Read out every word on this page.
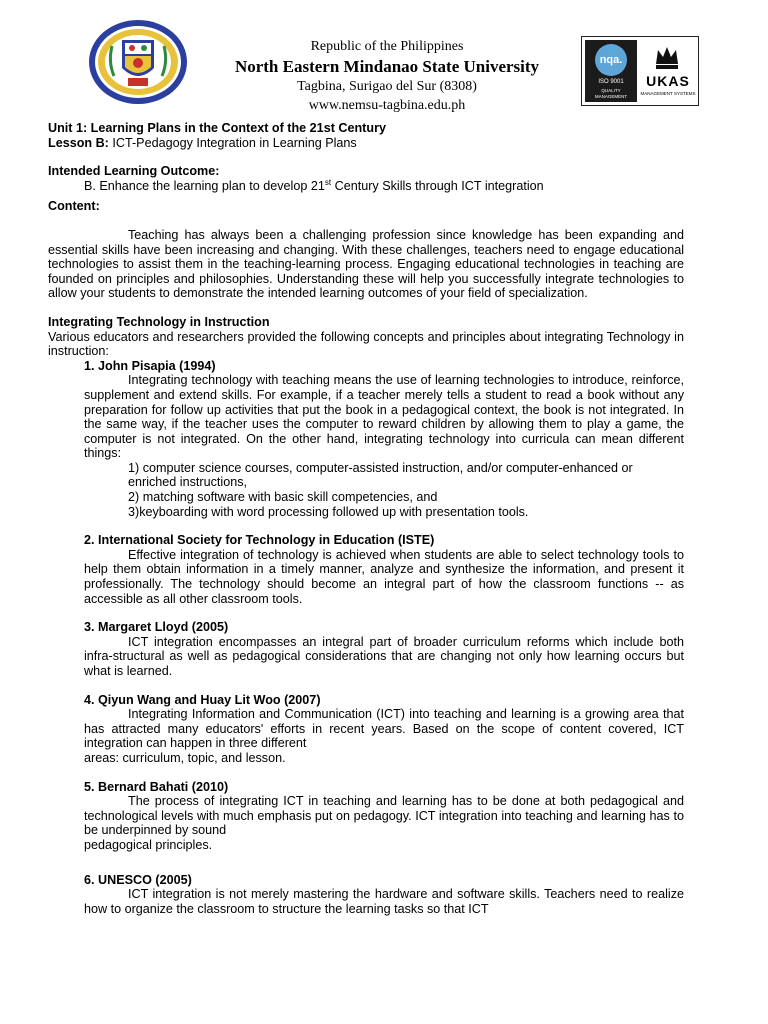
Republic of the Philippines
North Eastern Mindanao State University
Tagbina, Surigao del Sur (8308)
www.nemsu-tagbina.edu.ph
nqa.
ISO 9001
QUALITY MANAGEMENT
UKAS
MANAGEMENT SYSTEMS

Unit 1: Learning Plans in the Context of the 21st Century

Lesson B: ICT-Pedagogy Integration in Learning Plans

Intended Learning Outcome:

B. Enhance the learning plan to develop 21st Century Skills through ICT integration

Content:

Teaching has always been a challenging profession since knowledge has been expanding and essential skills have been increasing and changing. With these challenges, teachers need to engage educational technologies to assist them in the teaching-learning process. Engaging educational technologies in teaching are founded on principles and philosophies. Understanding these will help you successfully integrate technologies to allow your students to demonstrate the intended learning outcomes of your field of specialization.

Integrating Technology in Instruction

Various educators and researchers provided the following concepts and principles about integrating Technology in instruction:

1. John Pisapia (1994)

Integrating technology with teaching means the use of learning technologies to introduce, reinforce, supplement and extend skills. For example, if a teacher merely tells a student to read a book without any preparation for follow up activities that put the book in a pedagogical context, the book is not integrated. In the same way, if the teacher uses the computer to reward children by allowing them to play a game, the computer is not integrated. On the other hand, integrating technology into curricula can mean different things:

1) computer science courses, computer-assisted instruction, and/or computer-enhanced or enriched instructions,

2) matching software with basic skill competencies, and

3)keyboarding with word processing followed up with presentation tools.

2. International Society for Technology in Education (ISTE)

Effective integration of technology is achieved when students are able to select technology tools to help them obtain information in a timely manner, analyze and synthesize the information, and present it professionally. The technology should become an integral part of how the classroom functions -- as accessible as all other classroom tools.

3. Margaret Lloyd (2005)

ICT integration encompasses an integral part of broader curriculum reforms which include both infra-structural as well as pedagogical considerations that are changing not only how learning occurs but what is learned.

4. Qiyun Wang and Huay Lit Woo (2007)

Integrating Information and Communication (ICT) into teaching and learning is a growing area that has attracted many educators' efforts in recent years. Based on the scope of content covered, ICT integration can happen in three different

areas: curriculum, topic, and lesson.

5. Bernard Bahati (2010)

The process of integrating ICT in teaching and learning has to be done at both pedagogical and technological levels with much emphasis put on pedagogy. ICT integration into teaching and learning has to be underpinned by sound

pedagogical principles.

6. UNESCO (2005)

ICT integration is not merely mastering the hardware and software skills. Teachers need to realize how to organize the classroom to structure the learning tasks so that ICT
